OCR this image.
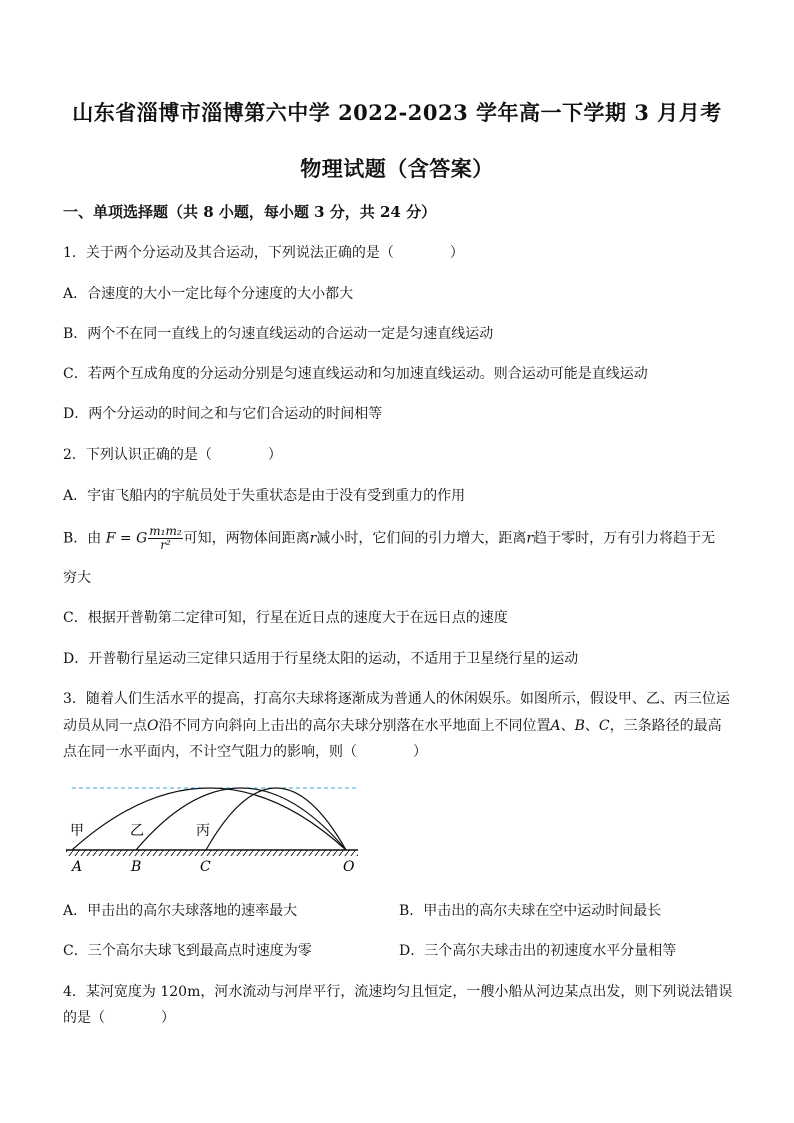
山东省淄博市淄博第六中学 2022-2023 学年高一下学期 3 月月考
物理试题（含答案）
一、单项选择题（共 8 小题，每小题 3 分，共 24 分）
1．关于两个分运动及其合运动，下列说法正确的是（　　　　）
A．合速度的大小一定比每个分速度的大小都大
B．两个不在同一直线上的匀速直线运动的合运动一定是匀速直线运动
C．若两个互成角度的分运动分别是匀速直线运动和匀加速直线运动。则合运动可能是直线运动
D．两个分运动的时间之和与它们合运动的时间相等
2．下列认识正确的是（　　　　）
A．宇宙飞船内的宇航员处于失重状态是由于没有受到重力的作用
B．由 F = G $\frac{\text{m₁m₂}}{\text{r²}}$ 可知，两物体间距离r减小时，它们间的引力增大，距离r趋于零时，万有引力将趋于无
穷大
C．根据开普勒第二定律可知，行星在近日点的速度大于在远日点的速度
D．开普勒行星运动三定律只适用于行星绕太阳的运动，不适用于卫星绕行星的运动
3．随着人们生活水平的提高，打高尔夫球将逐渐成为普通人的休闲娱乐。如图所示，假设甲、乙、丙三位运
动员从同一点O沿不同方向斜向上击出的高尔夫球分别落在水平地面上不同位置A、B、C，三条路径的最高
点在同一水平面内，不计空气阻力的影响，则（　　　　）
甲	乙	丙
A	B	C	O
A．甲击出的高尔夫球落地的速率最大	B．甲击出的高尔夫球在空中运动时间最长
C．三个高尔夫球飞到最高点时速度为零	D．三个高尔夫球击出的初速度水平分量相等
4．某河宽度为 120m，河水流动与河岸平行，流速均匀且恒定，一艘小船从河边某点出发，则下列说法错误
的是（　　　　）
